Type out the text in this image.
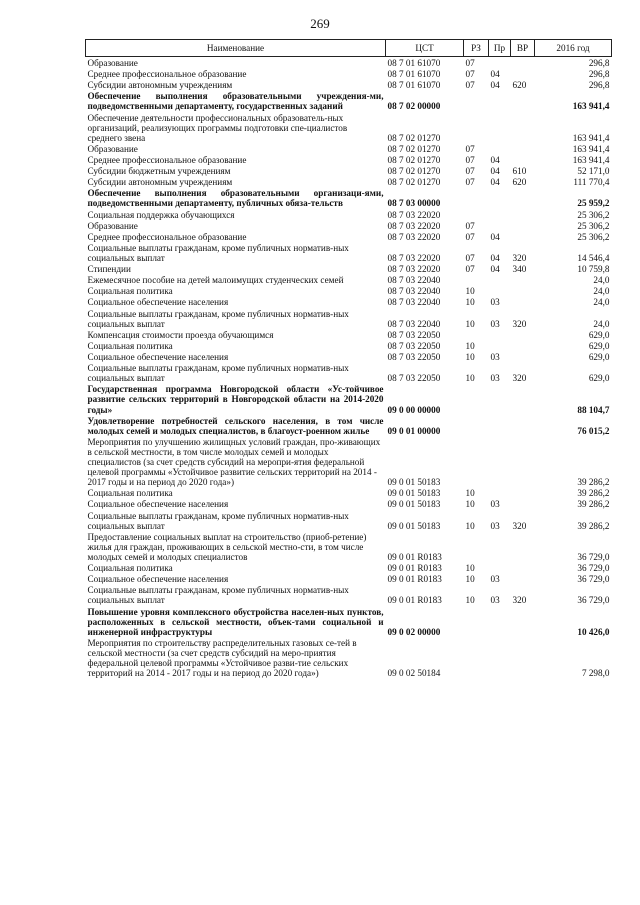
269
Наименование	ЦСТ	РЗ	Пр	ВР	2016 год
Образование	08 7 01 61070	07			296,8
Среднее профессиональное образование	08 7 01 61070	07	04		296,8
Субсидии автономным учреждениям	08 7 01 61070	07	04	620	296,8
Обеспечение выполнения образовательными учреждения-ми, подведомственными департаменту, государственных заданий	08 7 02 00000				163 941,4
Обеспечение деятельности профессиональных образователь-ных организаций, реализующих программы подготовки спе-циалистов среднего звена	08 7 02 01270				163 941,4
Образование	08 7 02 01270	07			163 941,4
Среднее профессиональное образование	08 7 02 01270	07	04		163 941,4
Субсидии бюджетным учреждениям	08 7 02 01270	07	04	610	52 171,0
Субсидии автономным учреждениям	08 7 02 01270	07	04	620	111 770,4
Обеспечение выполнения образовательными организаци-ями, подведомственными департаменту, публичных обяза-тельств	08 7 03 00000				25 959,2
Социальная поддержка обучающихся	08 7 03 22020				25 306,2
Образование	08 7 03 22020	07			25 306,2
Среднее профессиональное образование	08 7 03 22020	07	04		25 306,2
Социальные выплаты гражданам, кроме публичных норматив-ных социальных выплат	08 7 03 22020	07	04	320	14 546,4
Стипендии	08 7 03 22020	07	04	340	10 759,8
Ежемесячное пособие на детей малоимущих студенческих семей	08 7 03 22040				24,0
Социальная политика	08 7 03 22040	10			24,0
Социальное обеспечение населения	08 7 03 22040	10	03		24,0
Социальные выплаты гражданам, кроме публичных норматив-ных социальных выплат	08 7 03 22040	10	03	320	24,0
Компенсация стоимости проезда обучающимся	08 7 03 22050				629,0
Социальная политика	08 7 03 22050	10			629,0
Социальное обеспечение населения	08 7 03 22050	10	03		629,0
Социальные выплаты гражданам, кроме публичных норматив-ных социальных выплат	08 7 03 22050	10	03	320	629,0
Государственная программа Новгородской области «Ус-тойчивое развитие сельских территорий в Новгородской области на 2014-2020 годы»	09 0 00 00000				88 104,7
Удовлетворение потребностей сельского населения, в том числе молодых семей и молодых специалистов, в благоуст-роенном жилье	09 0 01 00000				76 015,2
Мероприятия по улучшению жилищных условий граждан, про-живающих в сельской местности, в том числе молодых семей и молодых специалистов (за счет средств субсидий на меропри-ятия федеральной целевой программы «Устойчивое развитие сельских территорий на 2014 - 2017 годы и на период до 2020 года»)	09 0 01 50183				39 286,2
Социальная политика	09 0 01 50183	10			39 286,2
Социальное обеспечение населения	09 0 01 50183	10	03		39 286,2
Социальные выплаты гражданам, кроме публичных норматив-ных социальных выплат	09 0 01 50183	10	03	320	39 286,2
Предоставление социальных выплат на строительство (приоб-ретение) жилья для граждан, проживающих в сельской местно-сти, в том числе молодых семей и молодых специалистов	09 0 01 R0183				36 729,0
Социальная политика	09 0 01 R0183	10			36 729,0
Социальное обеспечение населения	09 0 01 R0183	10	03		36 729,0
Социальные выплаты гражданам, кроме публичных норматив-ных социальных выплат	09 0 01 R0183	10	03	320	36 729,0
Повышение уровня комплексного обустройства населен-ных пунктов, расположенных в сельской местности, объек-тами социальной и инженерной инфраструктуры	09 0 02 00000				10 426,0
Мероприятия по строительству распределительных газовых се-тей в сельской местности (за счет средств субсидий на меро-приятия федеральной целевой программы «Устойчивое разви-тие сельских территорий на 2014 - 2017 годы и на период до 2020 года»)	09 0 02 50184				7 298,0
